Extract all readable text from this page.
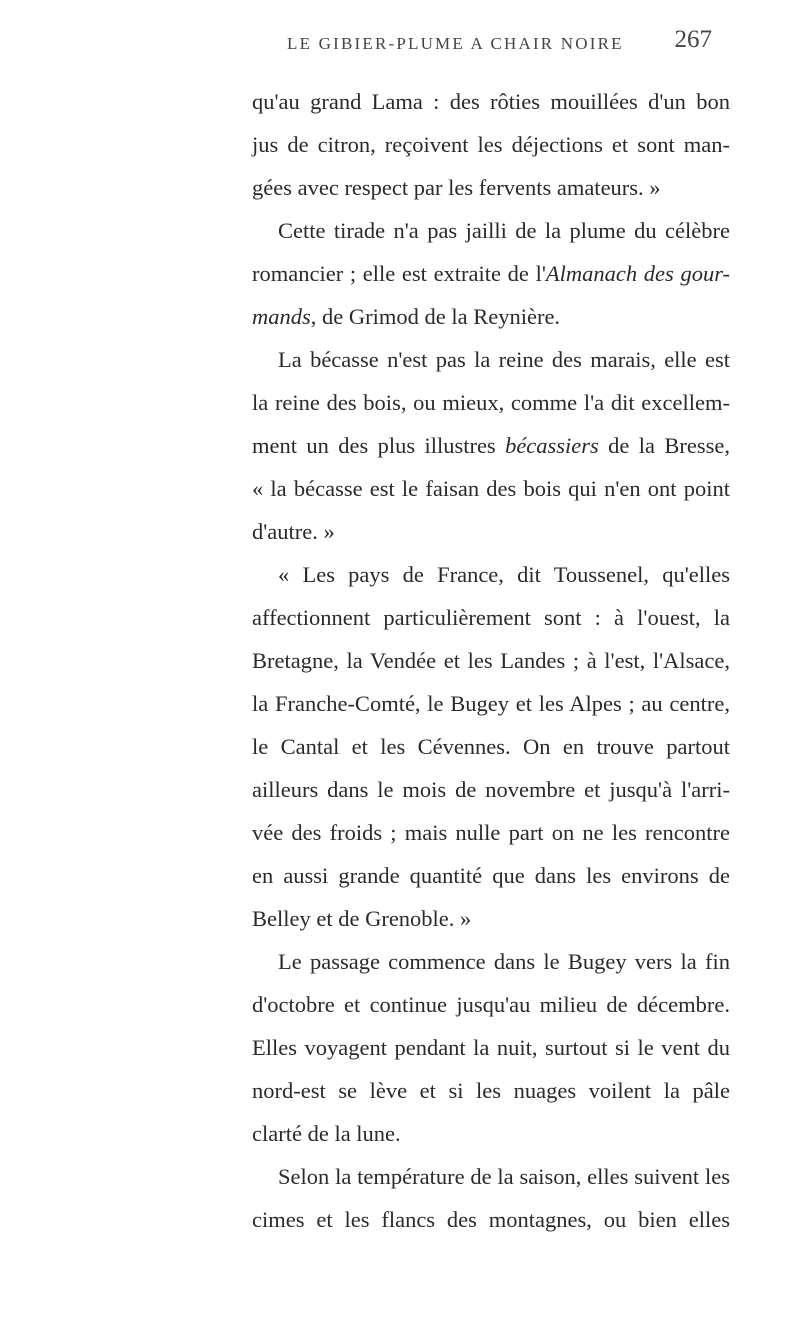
LE GIBIER-PLUME A CHAIR NOIRE 267
qu'au grand Lama : des rôties mouillées d'un bon
jus de citron, reçoivent les déjections et sont man-
gées avec respect par les fervents amateurs. »
Cette tirade n'a pas jailli de la plume du célèbre
romancier ; elle est extraite de l'Almanach des gour-
mands, de Grimod de la Reynière.
La bécasse n'est pas la reine des marais, elle est
la reine des bois, ou mieux, comme l'a dit excellem-
ment un des plus illustres bécassiers de la Bresse,
« la bécasse est le faisan des bois qui n'en ont point
d'autre. »
« Les pays de France, dit Toussenel, qu'elles
affectionnent particulièrement sont : à l'ouest, la
Bretagne, la Vendée et les Landes ; à l'est, l'Alsace,
la Franche-Comté, le Bugey et les Alpes ; au centre,
le Cantal et les Cévennes. On en trouve partout
ailleurs dans le mois de novembre et jusqu'à l'arri-
vée des froids ; mais nulle part on ne les rencontre
en aussi grande quantité que dans les environs de
Belley et de Grenoble. »
Le passage commence dans le Bugey vers la fin
d'octobre et continue jusqu'au milieu de décembre.
Elles voyagent pendant la nuit, surtout si le vent du
nord-est se lève et si les nuages voilent la pâle
clarté de la lune.
Selon la température de la saison, elles suivent les
cimes et les flancs des montagnes, ou bien elles
